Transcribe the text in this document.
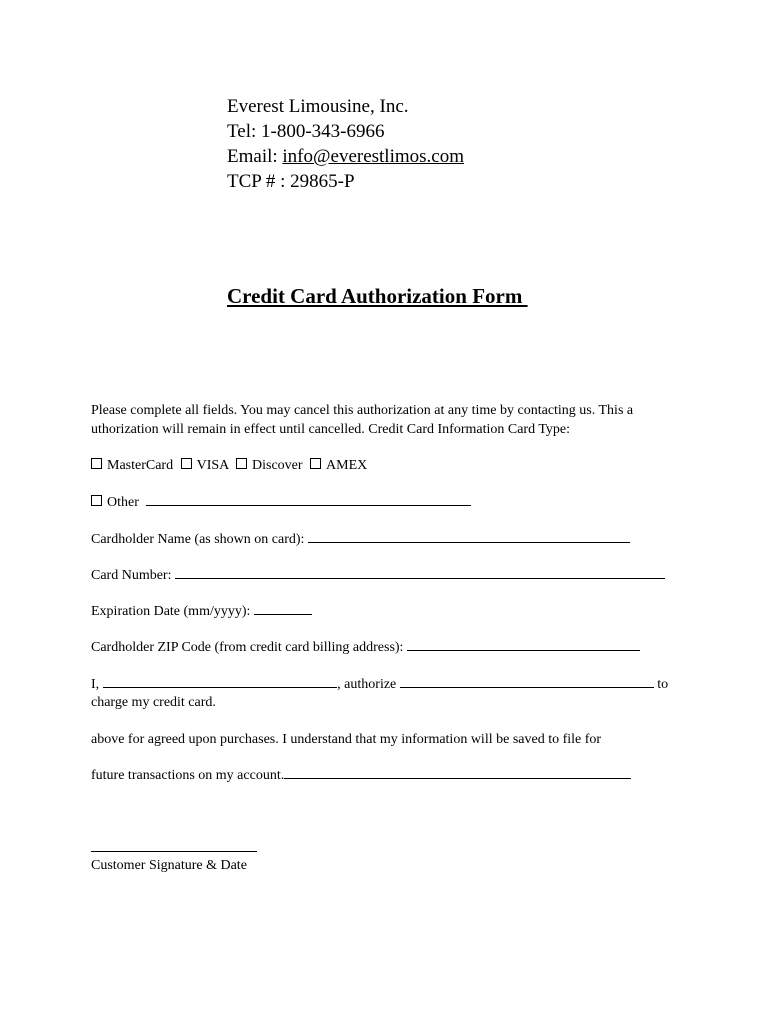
Everest Limousine, Inc.
Tel: 1-800-343-6966
Email: info@everestlimos.com
TCP # : 29865-P
Credit Card Authorization Form
Please complete all fields. You may cancel this authorization at any time by contacting us. This a
uthorization will remain in effect until cancelled. Credit Card Information Card Type:
MasterCard VISA Discover AMEX
Other
Cardholder Name (as shown on card):
Card Number:
Expiration Date (mm/yyyy):
Cardholder ZIP Code (from credit card billing address):
I,	, authorize	to
charge my credit card.
above for agreed upon purchases. I understand that my information will be saved to file for
future transactions on my account.
Customer Signature & Date
